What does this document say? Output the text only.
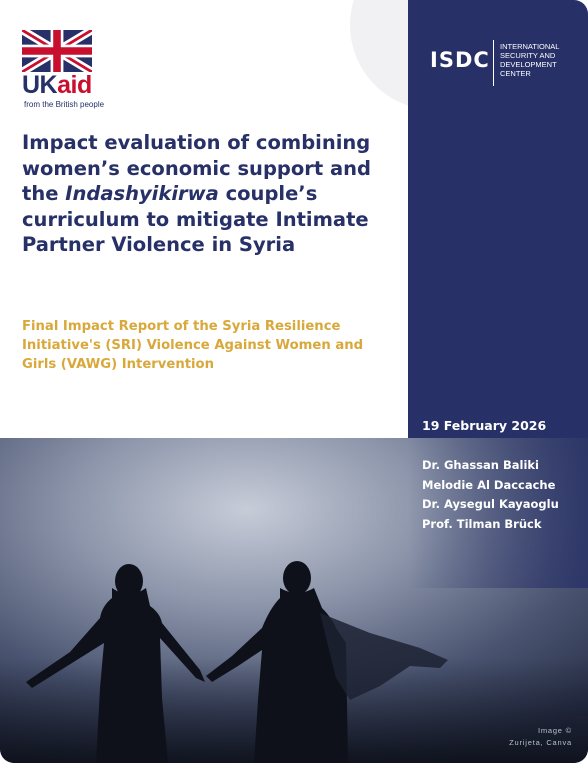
UKaid
from the British people
Impact evaluation of combining women’s economic support and the Indashyikirwa couple’s curriculum to mitigate Intimate Partner Violence in Syria

Final Impact Report of the Syria Resilience Initiative's (SRI) Violence Against Women and Girls (VAWG) Intervention

ISDC
INTERNATIONAL
SECURITY AND
DEVELOPMENT
CENTER
19 February 2026
Dr. Ghassan Baliki
Melodie Al Daccache
Dr. Aysegul Kayaoglu
Prof. Tilman Brück
Image ©
Zurijeta, Canva
